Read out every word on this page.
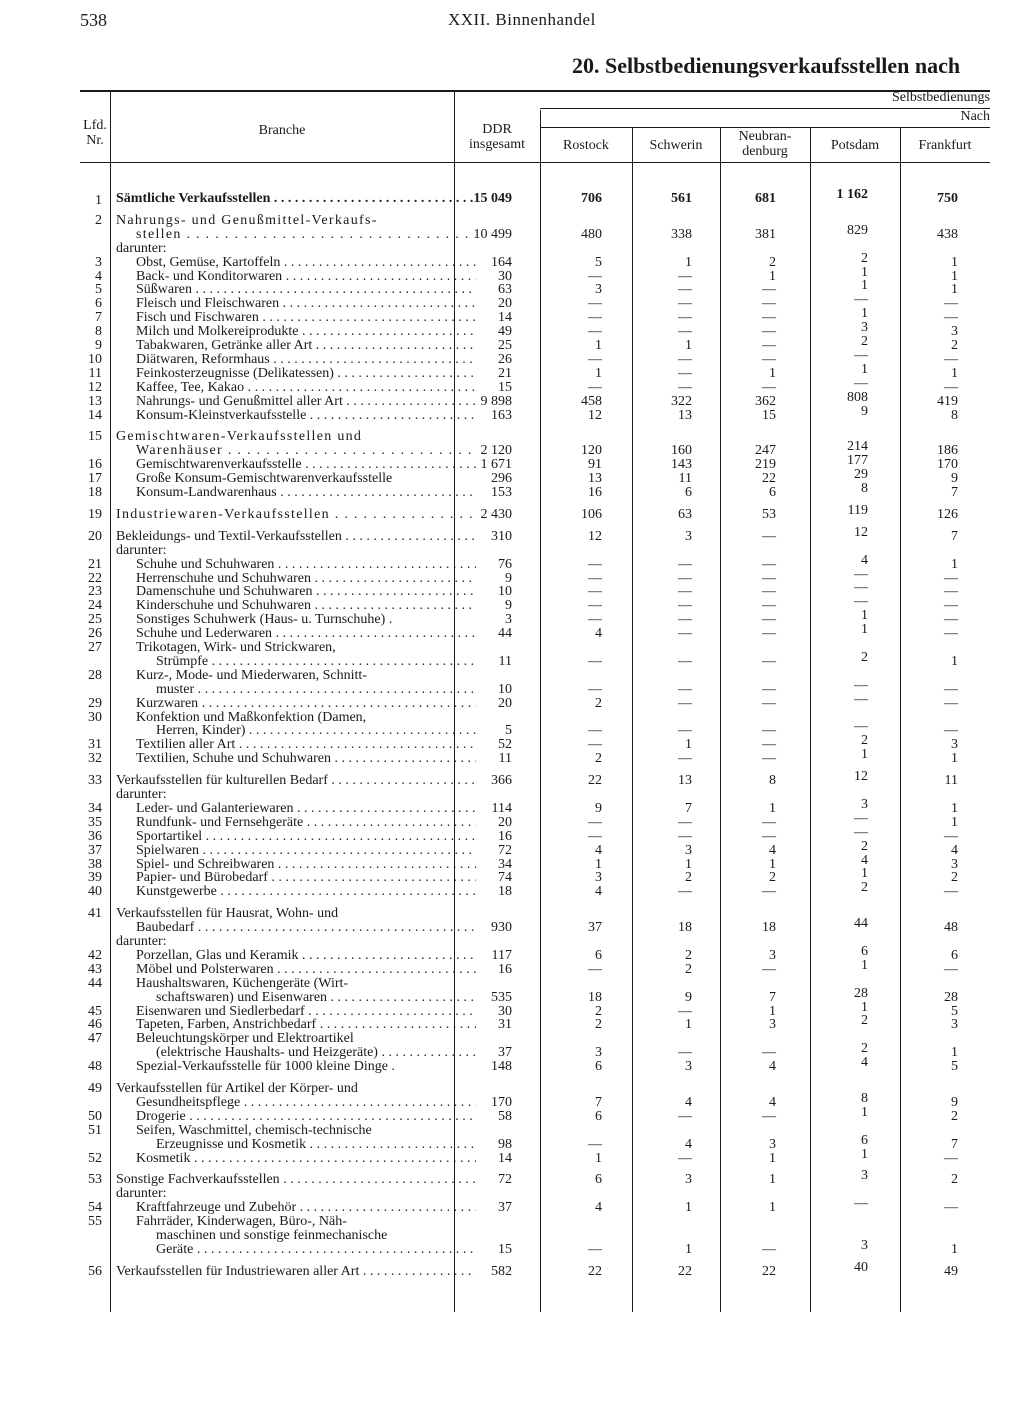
538	XXII. Binnenhandel
20. Selbstbedienungsverkaufsstellen nach
Lfd.
Nr.
Branche	DDR
insgesamt
Selbstbedienungs
Nach
Rostock	Schwerin
Neubran-
denburg	Potsdam	Frankfurt
1 Sämtliche Verkaufsstellen . . .	15 049	706	561	681	1 162	750
2 Nahrungs- und Genußmittel-Verkaufs-
stellen . . .	10 499	480	338	381	829	438
darunter:
3 Obst, Gemüse, Kartoffeln . . .	164	5	1	2	2	1
4 Back- und Konditorwaren . . .	30	—	—	1	1	1
5 Süßwaren . . .	63	3	—	—	1	1
6 Fleisch und Fleischwaren . . .	20	—	—	—	—	—
7 Fisch und Fischwaren . . .	14	—	—	—	1	—
8 Milch und Molkereiprodukte . . .	49	—	—	—	3	3
9 Tabakwaren, Getränke aller Art . . .	25	1	1	—	2	2
10 Diätwaren, Reformhaus . . .	26	—	—	—	—	—
11 Feinkosterzeugnisse (Delikatessen) . . .	21	1	—	1	1	1
12 Kaffee, Tee, Kakao . . .	15	—	—	—	—	—
13 Nahrungs- und Genußmittel aller Art . . .	9 898	458	322	362	808	419
14 Konsum-Kleinstverkaufsstelle . . .	163	12	13	15	9	8
15 Gemischtwaren-Verkaufsstellen und
Warenhäuser . . .	2 120	120	160	247	214	186
16 Gemischtwarenverkaufsstelle . . .	1 671	91	143	219	177	170
17 Große Konsum-Gemischtwarenverkaufsstelle	296	13	11	22	29	9
18 Konsum-Landwarenhaus . . .	153	16	6	6	8	7
19 Industriewaren-Verkaufsstellen . . .	2 430	106	63	53	119	126
20 Bekleidungs- und Textil-Verkaufsstellen . . .	310	12	3	—	12	7
darunter:
21 Schuhe und Schuhwaren . . .	76	—	—	—	4	1
22 Herrenschuhe und Schuhwaren . . .	9	—	—	—	—	—
23 Damenschuhe und Schuhwaren . . .	10	—	—	—	—	—
24 Kinderschuhe und Schuhwaren . . .	9	—	—	—	—	—
25 Sonstiges Schuhwerk (Haus- u. Turnschuhe) .	3	—	—	—	1	—
26 Schuhe und Lederwaren . . .	44	4	—	—	1	—
27 Trikotagen, Wirk- und Strickwaren,
Strümpfe . . .	11	—	—	—	2	1
28 Kurz-, Mode- und Miederwaren, Schnitt-
muster . . .	10	—	—	—	—	—
29 Kurzwaren . . .	20	2	—	—	—	—
30 Konfektion und Maßkonfektion (Damen,
Herren, Kinder) . . .	5	—	—	—	—	—
31 Textilien aller Art . . .	52	—	1	—	2	3
32 Textilien, Schuhe und Schuhwaren . . .	11	2	—	—	1	1
33 Verkaufsstellen für kulturellen Bedarf . . .	366	22	13	8	12	11
darunter:
34 Leder- und Galanteriewaren . . .	114	9	7	1	3	1
35 Rundfunk- und Fernsehgeräte . . .	20	—	—	—	—	1
36 Sportartikel . . .	16	—	—	—	—	—
37 Spielwaren . . .	72	4	3	4	2	4
38 Spiel- und Schreibwaren . . .	34	1	1	1	4	3
39 Papier- und Bürobedarf . . .	74	3	2	2	1	2
40 Kunstgewerbe . . .	18	4	—	—	2	—
41 Verkaufsstellen für Hausrat, Wohn- und
Baubedarf . . .	930	37	18	18	44	48
darunter:
42 Porzellan, Glas und Keramik . . .	117	6	2	3	6	6
43 Möbel und Polsterwaren . . .	16	—	2	—	1	—
44 Haushaltswaren, Küchengeräte (Wirt-
schaftswaren) und Eisenwaren . . .	535	18	9	7	28	28
45 Eisenwaren und Siedlerbedarf . . .	30	2	—	1	1	5
46 Tapeten, Farben, Anstrichbedarf . . .	31	2	1	3	2	3
47 Beleuchtungskörper und Elektroartikel
(elektrische Haushalts- und Heizgeräte) . . .	37	3	—	—	2	1
48 Spezial-Verkaufsstelle für 1000 kleine Dinge .	148	6	3	4	4	5
49 Verkaufsstellen für Artikel der Körper- und
Gesundheitspflege . . .	170	7	4	4	8	9
50 Drogerie . . .	58	6	—	—	1	2
51 Seifen, Waschmittel, chemisch-technische
Erzeugnisse und Kosmetik . . .	98	—	4	3	6	7
52 Kosmetik . . .	14	1	—	1	1	—
53 Sonstige Fachverkaufsstellen . . .	72	6	3	1	3	2
darunter:
54 Kraftfahrzeuge und Zubehör . . .	37	4	1	1	—	—
55 Fahrräder, Kinderwagen, Büro-, Näh-
maschinen und sonstige feinmechanische
Geräte . . .	15	—	1	—	3	1
56 Verkaufsstellen für Industriewaren aller Art . . .	582	22	22	22	40	49
